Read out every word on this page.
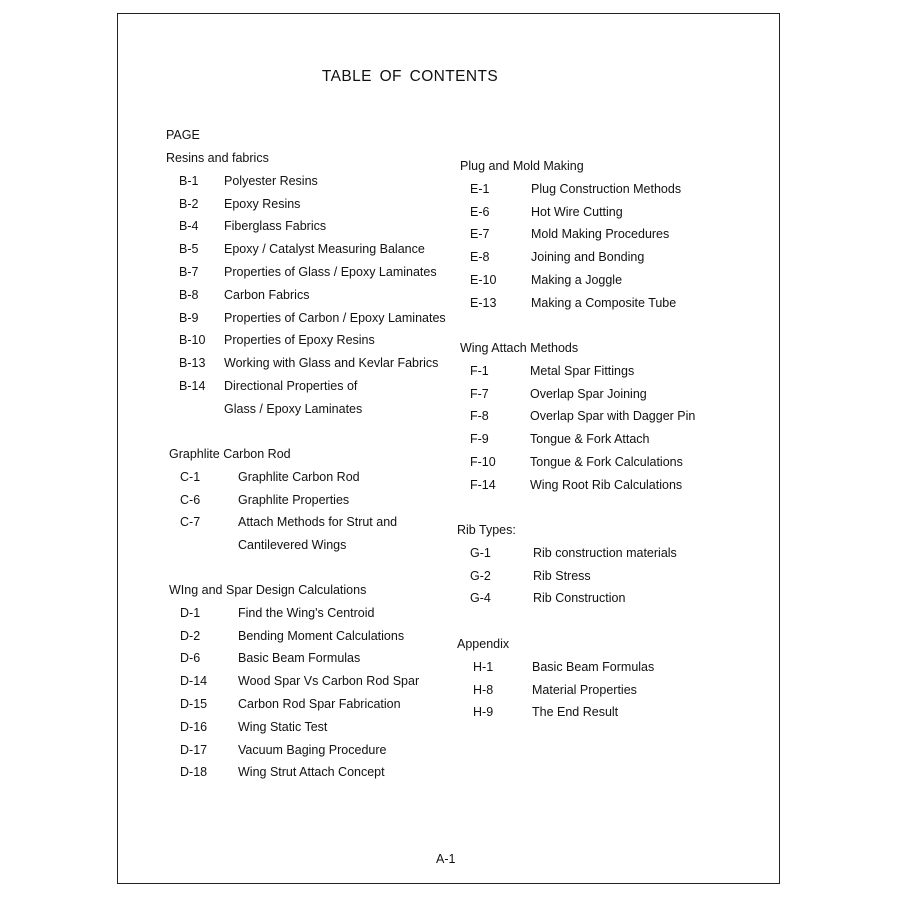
TABLE OF CONTENTS
PAGE
Resins and fabrics
B-1 Polyester Resins
B-2 Epoxy Resins
B-4 Fiberglass Fabrics
B-5 Epoxy / Catalyst Measuring Balance
B-7 Properties of Glass / Epoxy Laminates
B-8 Carbon Fabrics
B-9 Properties of Carbon / Epoxy Laminates
B-10 Properties of Epoxy Resins
B-13 Working with Glass and Kevlar Fabrics
B-14 Directional Properties of
Glass / Epoxy Laminates
Graphlite Carbon Rod
C-1	Graphlite Carbon Rod
C-6	Graphlite Properties
C-7	Attach Methods for Strut and
Cantilevered Wings
WIng and Spar Design Calculations
D-1	Find the Wing's Centroid
D-2	Bending Moment Calculations
D-6	Basic Beam Formulas
D-14 Wood Spar Vs Carbon Rod Spar
D-15 Carbon Rod Spar Fabrication
D-16 Wing Static Test
D-17 Vacuum Baging Procedure
D-18 Wing Strut Attach Concept
Plug and Mold Making
E-1	Plug Construction Methods
E-6	Hot Wire Cutting
E-7	Mold Making Procedures
E-8	Joining and Bonding
E-10	Making a Joggle
E-13	Making a Composite Tube
Wing Attach Methods
F-1	Metal Spar Fittings
F-7	Overlap Spar Joining
F-8	Overlap Spar with Dagger Pin
F-9	Tongue & Fork Attach
F-10	Tongue & Fork Calculations
F-14	Wing Root Rib Calculations
Rib Types:
G-1	Rib construction materials
G-2	Rib Stress
G-4	Rib Construction
Appendix
H-1	Basic Beam Formulas
H-8	Material Properties
H-9	The End Result
A-1
